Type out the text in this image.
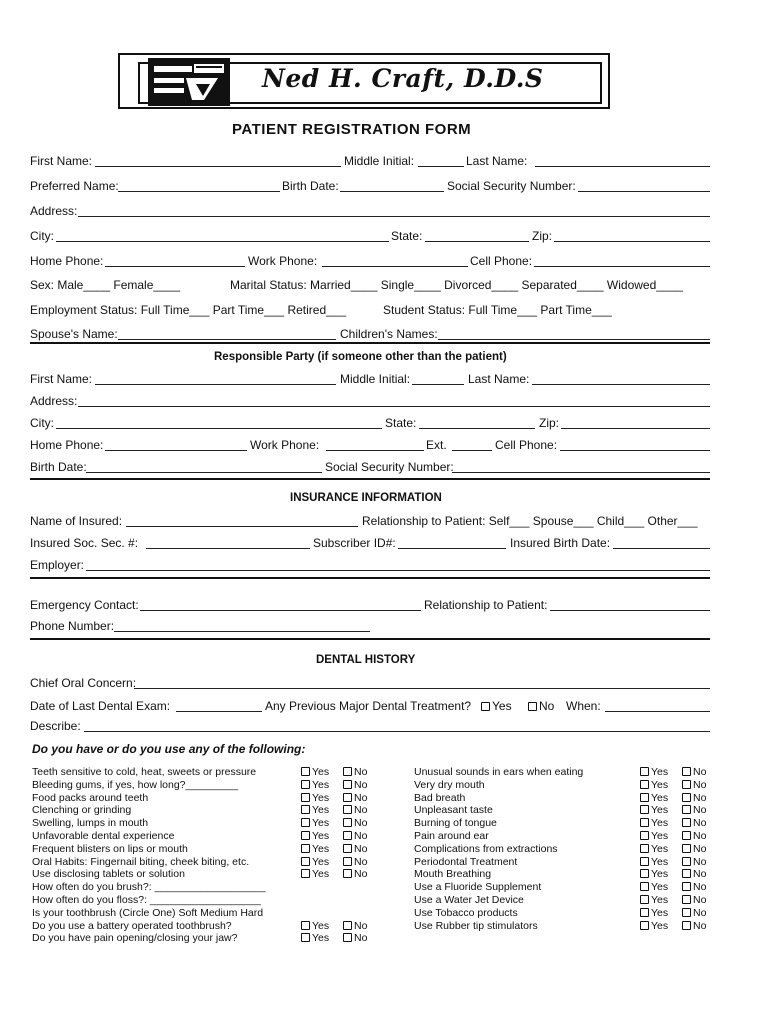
Ned H. Craft, D.D.S
PATIENT REGISTRATION FORM
First Name:	Middle Initial:	Last Name:
Preferred Name:	Birth Date:	Social Security Number:
Address:
City:	State:	Zip:
Home Phone:	Work Phone:	Cell Phone:
Sex: Male____ Female____	Marital Status: Married____ Single____ Divorced____ Separated____ Widowed____
Employment Status: Full Time___ Part Time___ Retired___	Student Status: Full Time___ Part Time___
Spouse's Name:	Children's Names:
Responsible Party (if someone other than the patient)
First Name:	Middle Initial:	Last Name:
Address:
City:	State:	Zip:
Home Phone:	Work Phone:	Ext.	Cell Phone:
Birth Date:	Social Security Number:
INSURANCE INFORMATION
Name of Insured:	Relationship to Patient: Self___ Spouse___ Child___ Other___
Insured Soc. Sec. #:	Subscriber ID#:	Insured Birth Date:
Employer:
Emergency Contact:	Relationship to Patient:
Phone Number:
DENTAL HISTORY
Chief Oral Concern:
Date of Last Dental Exam:	Any Previous Major Dental Treatment?	Yes	No When:
Describe:
Do you have or do you use any of the following:
Teeth sensitive to cold, heat, sweets or pressure	Yes	No
Bleeding gums, if yes, how long?_________	Yes	No
Food packs around teeth	Yes	No
Clenching or grinding	Yes	No
Swelling, lumps in mouth	Yes	No
Unfavorable dental experience	Yes	No
Frequent blisters on lips or mouth	Yes	No
Oral Habits: Fingernail biting, cheek biting, etc.	Yes	No
Use disclosing tablets or solution	Yes	No
How often do you brush?: ___________________
How often do you floss?: ___________________
Is your toothbrush (Circle One) Soft Medium Hard
Do you use a battery operated toothbrush?	Yes	No
Do you have pain opening/closing your jaw?	Yes	No
Unusual sounds in ears when eating	Yes	No
Very dry mouth	Yes	No
Bad breath	Yes	No
Unpleasant taste	Yes	No
Burning of tongue	Yes	No
Pain around ear	Yes	No
Complications from extractions	Yes	No
Periodontal Treatment	Yes	No
Mouth Breathing	Yes	No
Use a Fluoride Supplement	Yes	No
Use a Water Jet Device	Yes	No
Use Tobacco products	Yes	No
Use Rubber tip stimulators	Yes	No
